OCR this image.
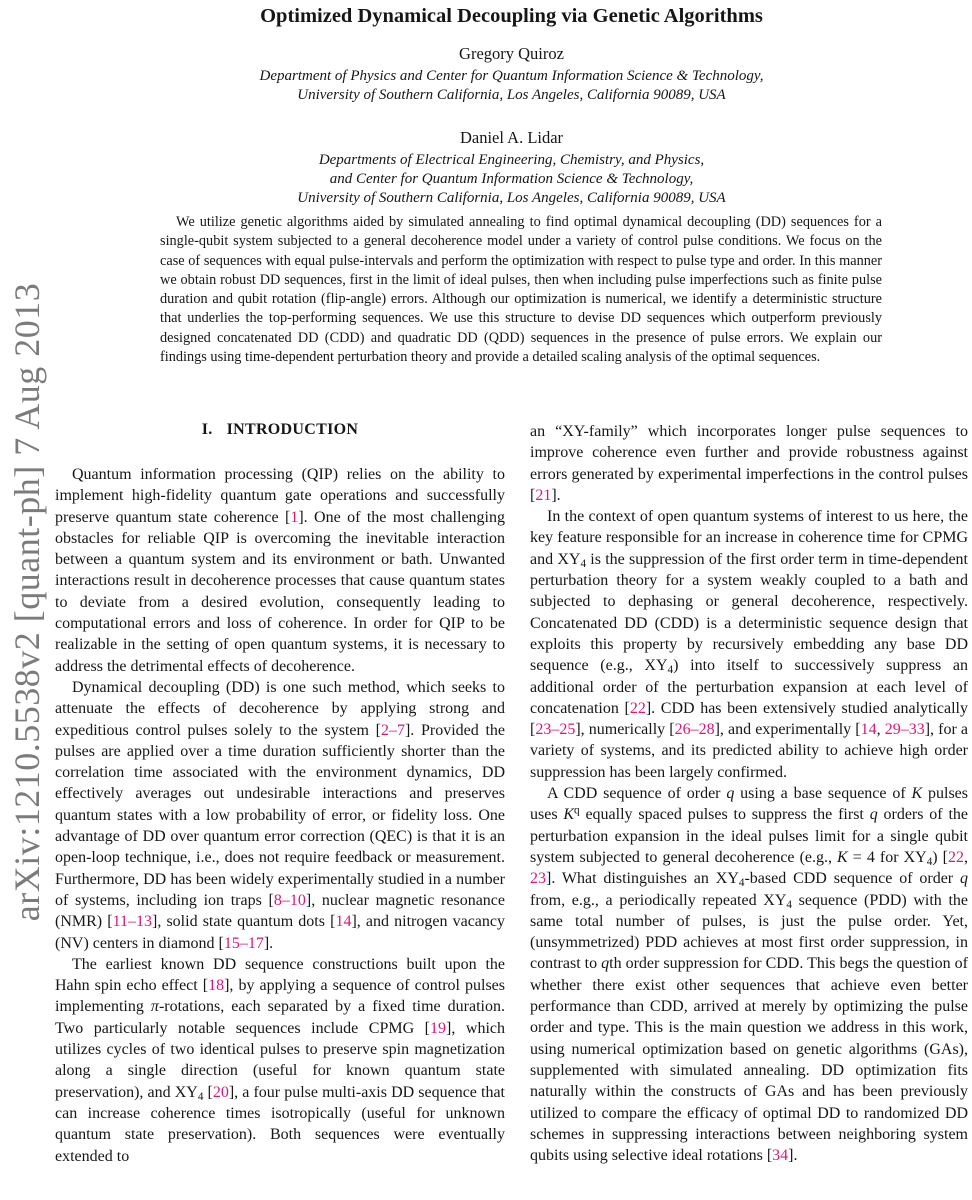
arXiv:1210.5538v2 [quant-ph] 7 Aug 2013
Optimized Dynamical Decoupling via Genetic Algorithms
Gregory Quiroz
Department of Physics and Center for Quantum Information Science & Technology,
University of Southern California, Los Angeles, California 90089, USA
Daniel A. Lidar
Departments of Electrical Engineering, Chemistry, and Physics,
and Center for Quantum Information Science & Technology,
University of Southern California, Los Angeles, California 90089, USA
We utilize genetic algorithms aided by simulated annealing to find optimal dynamical decoupling (DD) sequences for a single-qubit system subjected to a general decoherence model under a variety of control pulse conditions. We focus on the case of sequences with equal pulse-intervals and perform the optimization with respect to pulse type and order. In this manner we obtain robust DD sequences, first in the limit of ideal pulses, then when including pulse imperfections such as finite pulse duration and qubit rotation (flip-angle) errors. Although our optimization is numerical, we identify a deterministic structure that underlies the top-performing sequences. We use this structure to devise DD sequences which outperform previously designed concatenated DD (CDD) and quadratic DD (QDD) sequences in the presence of pulse errors. We explain our findings using time-dependent perturbation theory and provide a detailed scaling analysis of the optimal sequences.
I. INTRODUCTION

Quantum information processing (QIP) relies on the ability to implement high-fidelity quantum gate operations and successfully preserve quantum state coherence [1]. One of the most challenging obstacles for reliable QIP is overcoming the inevitable interaction between a quantum system and its environment or bath. Unwanted interactions result in decoherence processes that cause quantum states to deviate from a desired evolution, consequently leading to computational errors and loss of coherence. In order for QIP to be realizable in the setting of open quantum systems, it is necessary to address the detrimental effects of decoherence.

Dynamical decoupling (DD) is one such method, which seeks to attenuate the effects of decoherence by applying strong and expeditious control pulses solely to the system [2–7]. Provided the pulses are applied over a time duration sufficiently shorter than the correlation time associated with the environment dynamics, DD effectively averages out undesirable interactions and preserves quantum states with a low probability of error, or fidelity loss. One advantage of DD over quantum error correction (QEC) is that it is an open-loop technique, i.e., does not require feedback or measurement. Furthermore, DD has been widely experimentally studied in a number of systems, including ion traps [8–10], nuclear magnetic resonance (NMR) [11–13], solid state quantum dots [14], and nitrogen vacancy (NV) centers in diamond [15–17].

The earliest known DD sequence constructions built upon the Hahn spin echo effect [18], by applying a sequence of control pulses implementing π-rotations, each separated by a fixed time duration. Two particularly notable sequences include CPMG [19], which utilizes cycles of two identical pulses to preserve spin magnetization along a single direction (useful for known quantum state preservation), and $XY_4$ [20], a four pulse multi-axis DD sequence that can increase coherence times isotropically (useful for unknown quantum state preservation). Both sequences were eventually extended to

an “XY-family” which incorporates longer pulse sequences to improve coherence even further and provide robustness against errors generated by experimental imperfections in the control pulses [21].

In the context of open quantum systems of interest to us here, the key feature responsible for an increase in coherence time for CPMG and $XY_4$ is the suppression of the first order term in time-dependent perturbation theory for a system weakly coupled to a bath and subjected to dephasing or general decoherence, respectively. Concatenated DD (CDD) is a deterministic sequence design that exploits this property by recursively embedding any base DD sequence (e.g., $XY_4$) into itself to successively suppress an additional order of the perturbation expansion at each level of concatenation [22]. CDD has been extensively studied analytically [23–25], numerically [26–28], and experimentally [14, 29–33], for a variety of systems, and its predicted ability to achieve high order suppression has been largely confirmed.

A CDD sequence of order q using a base sequence of K pulses uses $K^q$ equally spaced pulses to suppress the first q orders of the perturbation expansion in the ideal pulses limit for a single qubit system subjected to general decoherence (e.g., K = 4 for $XY_4$) [22, 23]. What distinguishes an $XY_4$-based CDD sequence of order q from, e.g., a periodically repeated $XY_4$ sequence (PDD) with the same total number of pulses, is just the pulse order. Yet, (unsymmetrized) PDD achieves at most first order suppression, in contrast to qth order suppression for CDD. This begs the question of whether there exist other sequences that achieve even better performance than CDD, arrived at merely by optimizing the pulse order and type. This is the main question we address in this work, using numerical optimization based on genetic algorithms (GAs), supplemented with simulated annealing. DD optimization fits naturally within the constructs of GAs and has been previously utilized to compare the efficacy of optimal DD to randomized DD schemes in suppressing interactions between neighboring system qubits using selective ideal rotations [34].
